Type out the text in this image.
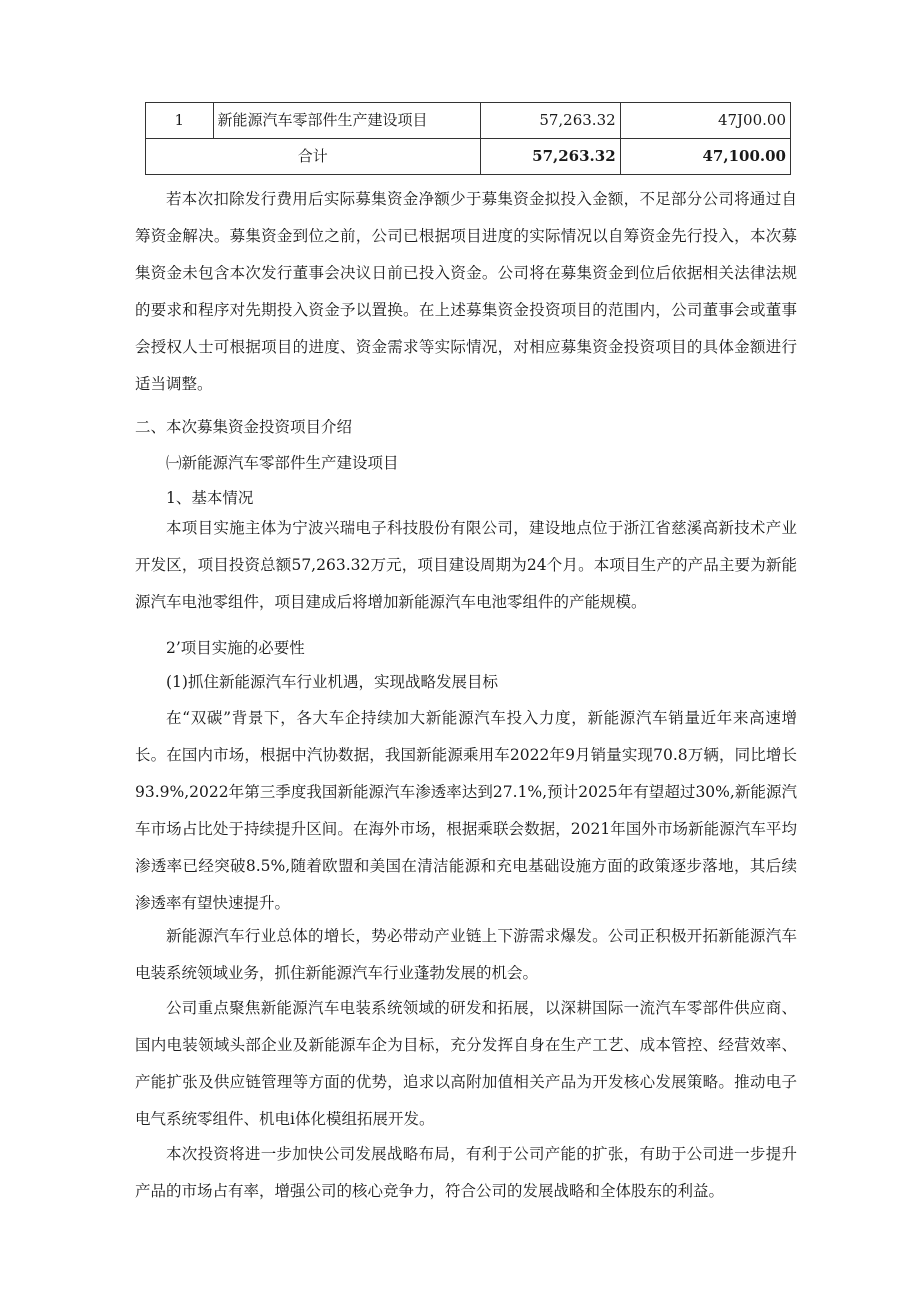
1	新能源汽车零部件生产建设项目	57,263.32	47J00.00
合计		57,263.32	47,100.00

若本次扣除发行费用后实际募集资金净额少于募集资金拟投入金额，不足部分公司将通过自筹资金解决。募集资金到位之前，公司已根据项目进度的实际情况以自筹资金先行投入，本次募集资金未包含本次发行董事会决议日前已投入资金。公司将在募集资金到位后依据相关法律法规的要求和程序对先期投入资金予以置换。在上述募集资金投资项目的范围内，公司董事会或董事会授权人士可根据项目的进度、资金需求等实际情况，对相应募集资金投资项目的具体金额进行适当调整。

二、本次募集资金投资项目介绍

㈠新能源汽车零部件生产建设项目

1、基本情况

本项目实施主体为宁波兴瑞电子科技股份有限公司，建设地点位于浙江省慈溪高新技术产业开发区，项目投资总额57,263.32万元，项目建设周期为24个月。本项目生产的产品主要为新能源汽车电池零组件，项目建成后将增加新能源汽车电池零组件的产能规模。

2’项目实施的必要性

(1)抓住新能源汽车行业机遇，实现战略发展目标

在“双碳”背景下，各大车企持续加大新能源汽车投入力度，新能源汽车销量近年来高速增长。在国内市场，根据中汽协数据，我国新能源乘用车2022年9月销量实现70.8万辆，同比增长93.9%,2022年第三季度我国新能源汽车渗透率达到27.1%,预计2025年有望超过30%,新能源汽车市场占比处于持续提升区间。在海外市场，根据乘联会数据，2021年国外市场新能源汽车平均渗透率已经突破8.5%,随着欧盟和美国在清洁能源和充电基础设施方面的政策逐步落地，其后续渗透率有望快速提升。

新能源汽车行业总体的增长，势必带动产业链上下游需求爆发。公司正积极开拓新能源汽车电装系统领域业务，抓住新能源汽车行业蓬勃发展的机会。

公司重点聚焦新能源汽车电装系统领域的研发和拓展，以深耕国际一流汽车零部件供应商、国内电装领域头部企业及新能源车企为目标，充分发挥自身在生产工艺、成本管控、经营效率、产能扩张及供应链管理等方面的优势，追求以高附加值相关产品为开发核心发展策略。推动电子电气系统零组件、机电i体化模组拓展开发。

本次投资将进一步加快公司发展战略布局，有利于公司产能的扩张，有助于公司进一步提升产品的市场占有率，增强公司的核心竞争力，符合公司的发展战略和全体股东的利益。
